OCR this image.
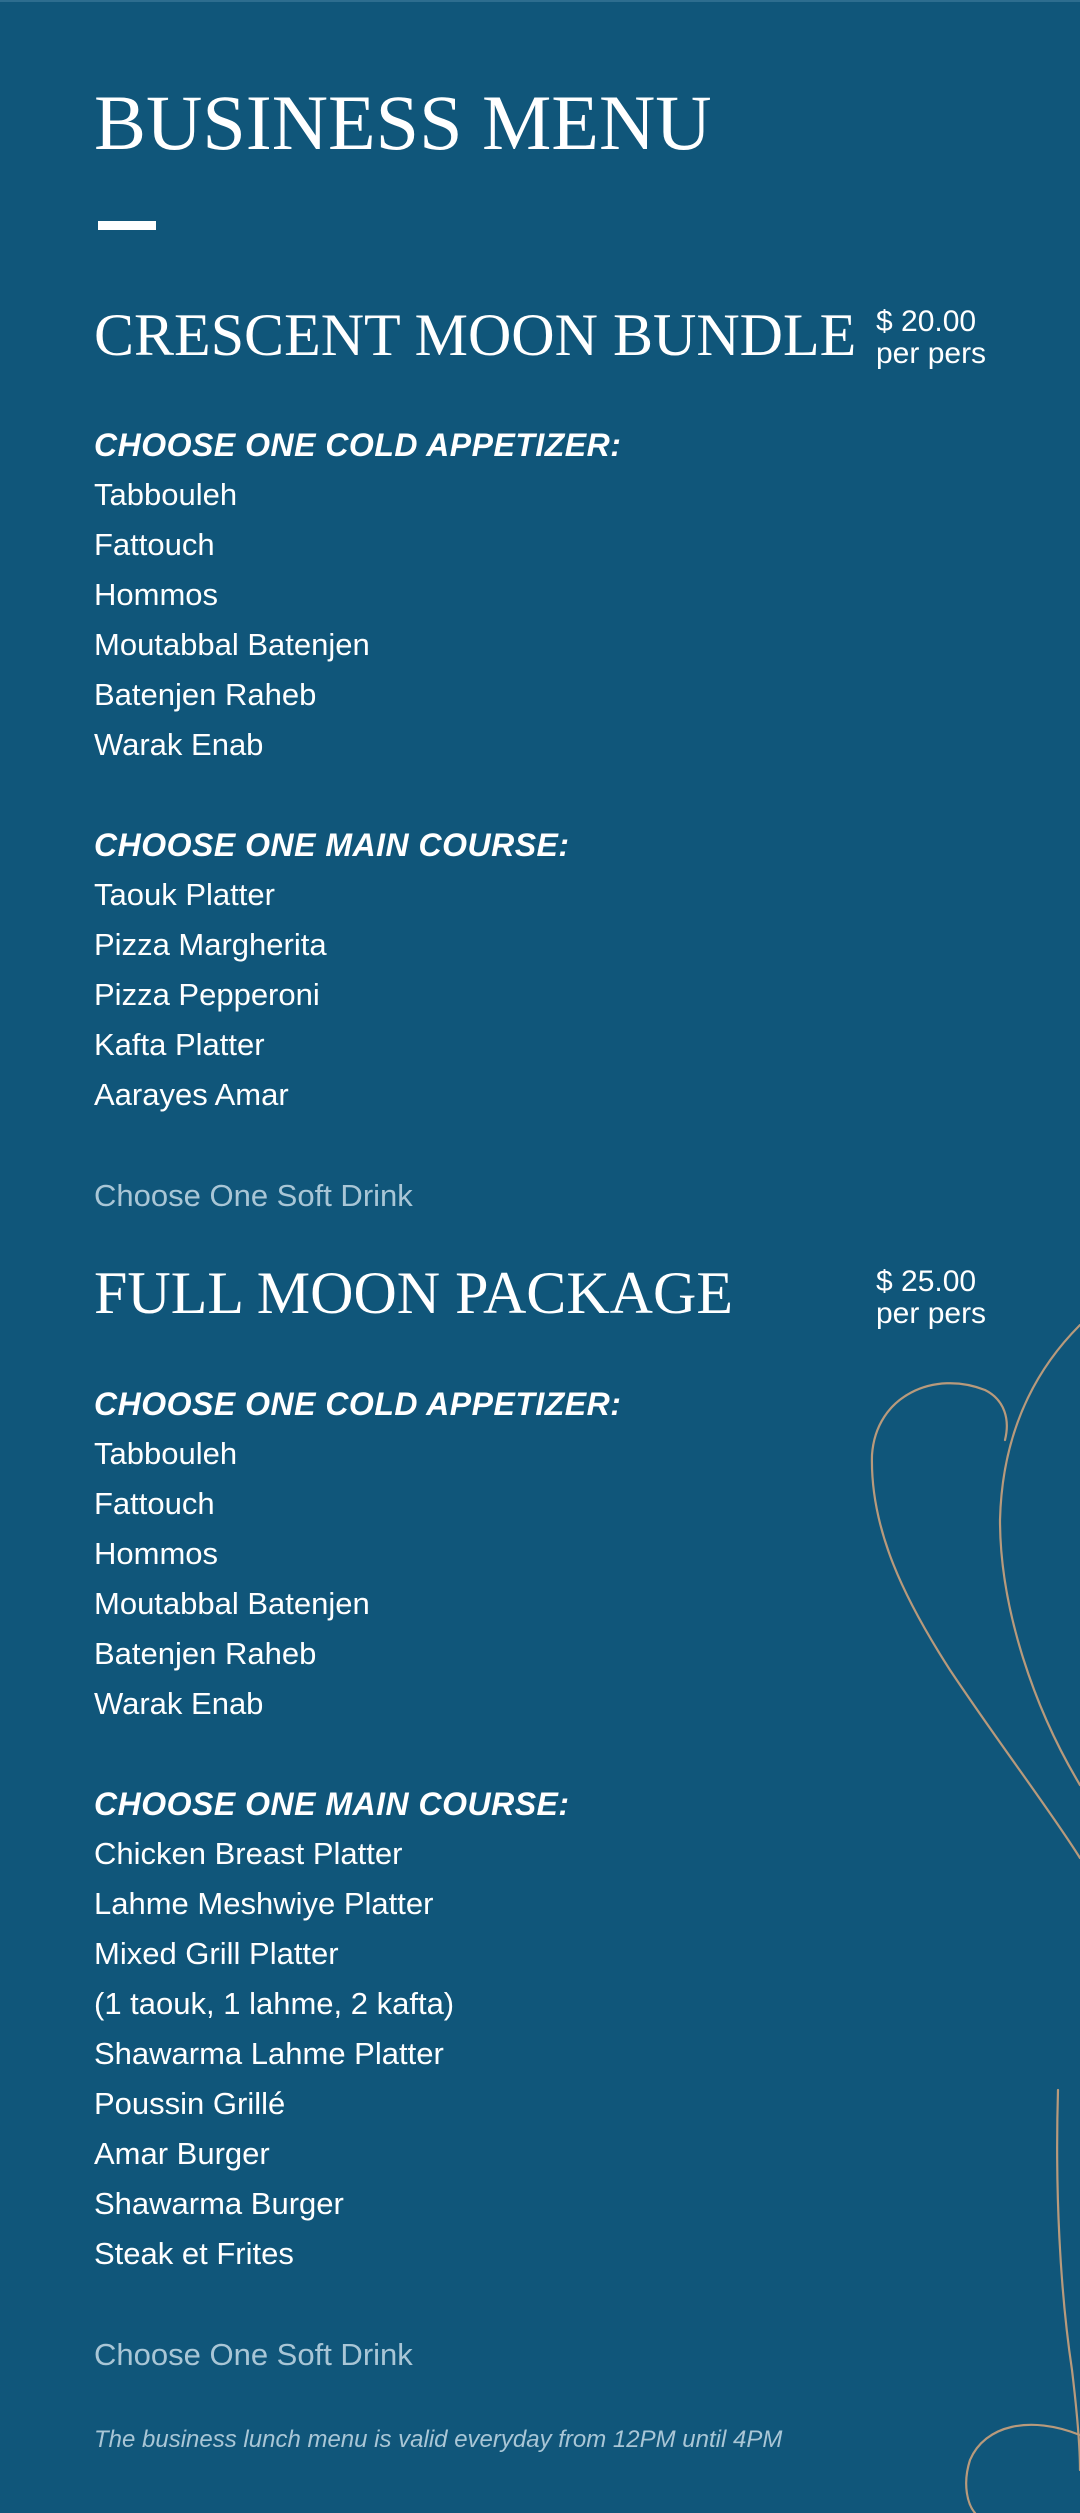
BUSINESS MENU
CRESCENT MOON BUNDLE $ 20.00
per pers
CHOOSE ONE COLD APPETIZER:
Tabbouleh
Fattouch
Hommos
Moutabbal Batenjen
Batenjen Raheb
Warak Enab
CHOOSE ONE MAIN COURSE:
Taouk Platter
Pizza Margherita
Pizza Pepperoni
Kafta Platter
Aarayes Amar
Choose One Soft Drink
FULL MOON PACKAGE	$ 25.00
per pers
CHOOSE ONE COLD APPETIZER:
Tabbouleh
Fattouch
Hommos
Moutabbal Batenjen
Batenjen Raheb
Warak Enab
CHOOSE ONE MAIN COURSE:
Chicken Breast Platter
Lahme Meshwiye Platter
Mixed Grill Platter
(1 taouk, 1 lahme, 2 kafta)
Shawarma Lahme Platter
Poussin Grillé
Amar Burger
Shawarma Burger
Steak et Frites
Choose One Soft Drink
The business lunch menu is valid everyday from 12PM until 4PM
